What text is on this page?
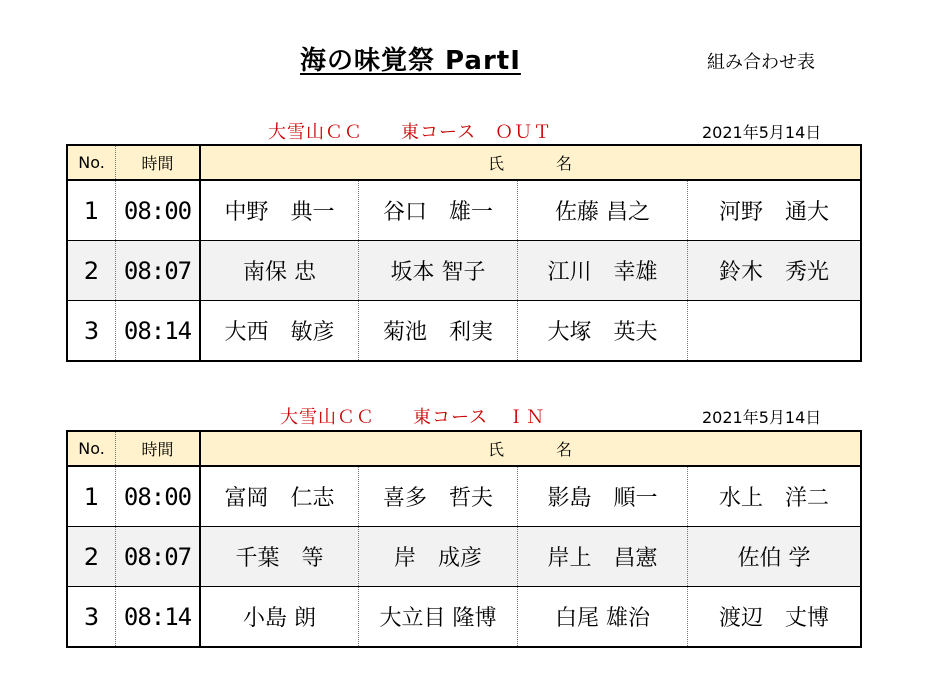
海の味覚祭 PartⅠ	組み合わせ表
大雪山ＣＣ　　東コース　ＯＵＴ	2021年5月14日
No.	時間	氏　　　名			
1	08:00	中野　典一	谷口　雄一	佐藤 昌之	河野　通大
2	08:07	南保 忠	坂本 智子	江川　幸雄	鈴木　秀光
3	08:14	大西　敏彦	菊池　利実	大塚　英夫	
大雪山ＣＣ　　東コース　ＩＮ	2021年5月14日
No.	時間	氏　　　名			
1	08:00	富岡　仁志	喜多　哲夫	影島　順一	水上　洋二
2	08:07	千葉　等	岸　成彦	岸上　昌憲	佐伯 学
3	08:14	小島 朗	大立目 隆博	白尾 雄治	渡辺　丈博
